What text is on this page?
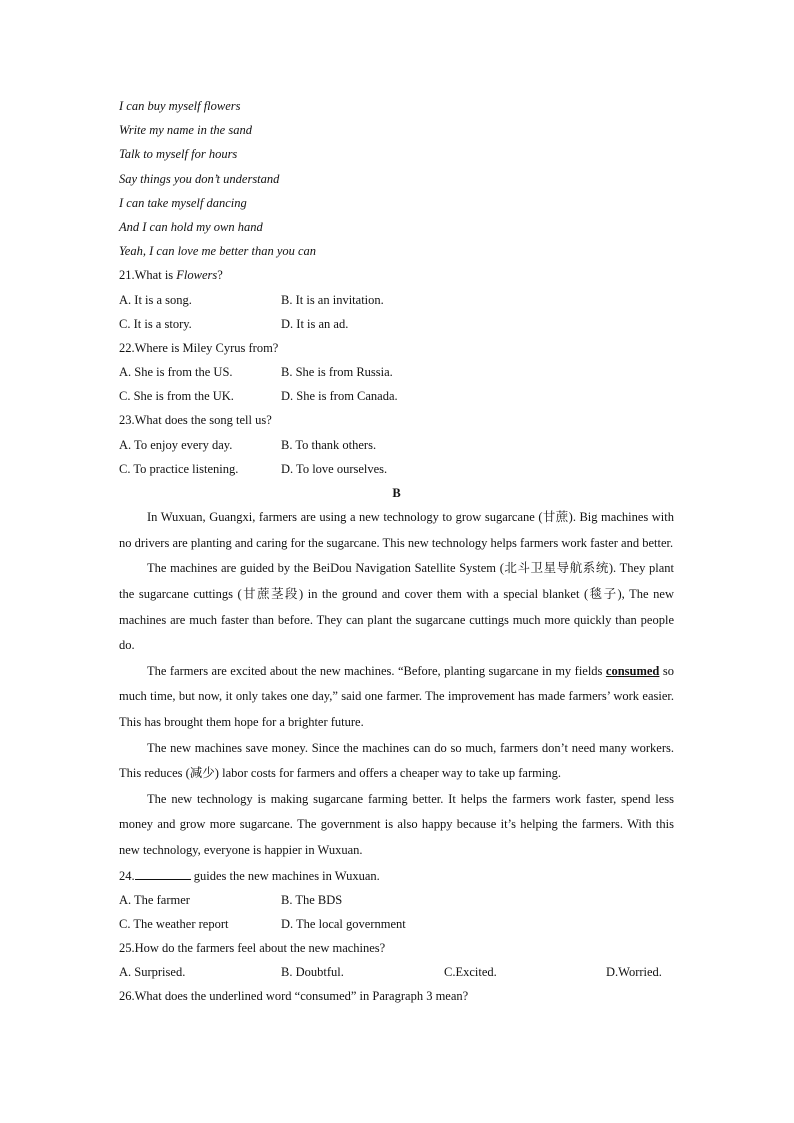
I can buy myself flowers
Write my name in the sand
Talk to myself for hours
Say things you don’t understand
I can take myself dancing
And I can hold my own hand
Yeah, I can love me better than you can
21.What is Flowers?
A. It is a song.	B. It is an invitation.
C. It is a story.	D. It is an ad.
22.Where is Miley Cyrus from?
A. She is from the US.	B. She is from Russia.
C. She is from the UK.	D. She is from Canada.
23.What does the song tell us?
A. To enjoy every day.	B. To thank others.
C. To practice listening.	D. To love ourselves.
B

In Wuxuan, Guangxi, farmers are using a new technology to grow sugarcane (甘蔗). Big machines with no drivers are planting and caring for the sugarcane. This new technology helps farmers work faster and better.

The machines are guided by the BeiDou Navigation Satellite System (北斗卫星导航系统). They plant the sugarcane cuttings (甘蔗茎段) in the ground and cover them with a special blanket (毯子), The new machines are much faster than before. They can plant the sugarcane cuttings much more quickly than people do.

The farmers are excited about the new machines. “Before, planting sugarcane in my fields consumed so much time, but now, it only takes one day,” said one farmer. The improvement has made farmers’ work easier. This has brought them hope for a brighter future.

The new machines save money. Since the machines can do so much, farmers don’t need many workers. This reduces (减少) labor costs for farmers and offers a cheaper way to take up farming.

The new technology is making sugarcane farming better. It helps the farmers work faster, spend less money and grow more sugarcane. The government is also happy because it’s helping the farmers. With this new technology, everyone is happier in Wuxuan.

24.	guides the new machines in Wuxuan.
A. The farmer	B. The BDS
C. The weather report	D. The local government
25.How do the farmers feel about the new machines?
A. Surprised.	B. Doubtful.	C.Excited.	D.Worried.
26.What does the underlined word “consumed” in Paragraph 3 mean?
